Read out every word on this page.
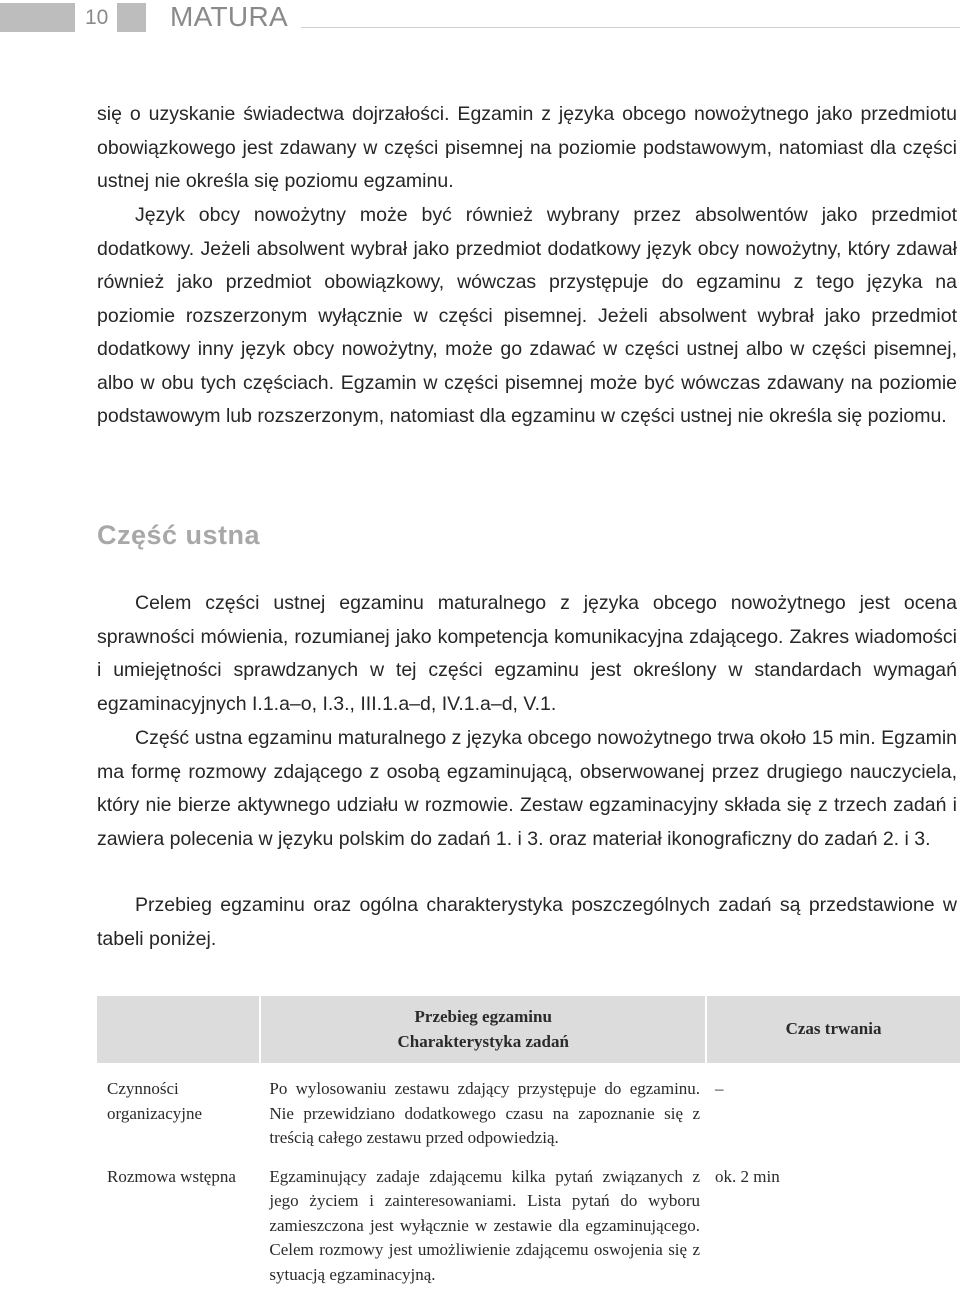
10 MATURA

się o uzyskanie świadectwa dojrzałości. Egzamin z języka obcego nowożytnego jako przedmiotu obowiązkowego jest zdawany w części pisemnej na poziomie podstawowym, natomiast dla części ustnej nie określa się poziomu egzaminu.

Język obcy nowożytny może być również wybrany przez absolwentów jako przedmiot dodatkowy. Jeżeli absolwent wybrał jako przedmiot dodatkowy język obcy nowożytny, który zdawał również jako przedmiot obowiązkowy, wówczas przystępuje do egzaminu z tego języka na poziomie rozszerzonym wyłącznie w części pisemnej. Jeżeli absolwent wybrał jako przedmiot dodatkowy inny język obcy nowożytny, może go zdawać w części ustnej albo w części pisemnej, albo w obu tych częściach. Egzamin w części pisemnej może być wówczas zdawany na poziomie podstawowym lub rozszerzonym, natomiast dla egzaminu w części ustnej nie określa się poziomu.

Część ustna

Celem części ustnej egzaminu maturalnego z języka obcego nowożytnego jest ocena sprawności mówienia, rozumianej jako kompetencja komunikacyjna zdającego. Zakres wiadomości i umiejętności sprawdzanych w tej części egzaminu jest określony w standardach wymagań egzaminacyjnych I.1.a–o, I.3., III.1.a–d, IV.1.a–d, V.1.

Część ustna egzaminu maturalnego z języka obcego nowożytnego trwa około 15 min. Egzamin ma formę rozmowy zdającego z osobą egzaminującą, obserwowanej przez drugiego nauczyciela, który nie bierze aktywnego udziału w rozmowie. Zestaw egzaminacyjny składa się z trzech zadań i zawiera polecenia w języku polskim do zadań 1. i 3. oraz materiał ikonograficzny do zadań 2. i 3.

Przebieg egzaminu oraz ogólna charakterystyka poszczególnych zadań są przedstawione w tabeli poniżej.

	Przebieg egzaminu
Charakterystyka zadań	Czas trwania

Czynności organizacyjne	Po wylosowaniu zestawu zdający przystępuje do egzaminu. Nie przewidziano dodatkowego czasu na zapoznanie się z treścią całego zestawu przed odpowiedzią.	–

Rozmowa wstępna	Egzaminujący zadaje zdającemu kilka pytań związanych z jego życiem i zainteresowaniami. Lista pytań do wyboru zamieszczona jest wyłącznie w zestawie dla egzaminującego. Celem rozmowy jest umożliwienie zdającemu oswojenia się z sytuacją egzaminacyjną.	ok. 2 min
